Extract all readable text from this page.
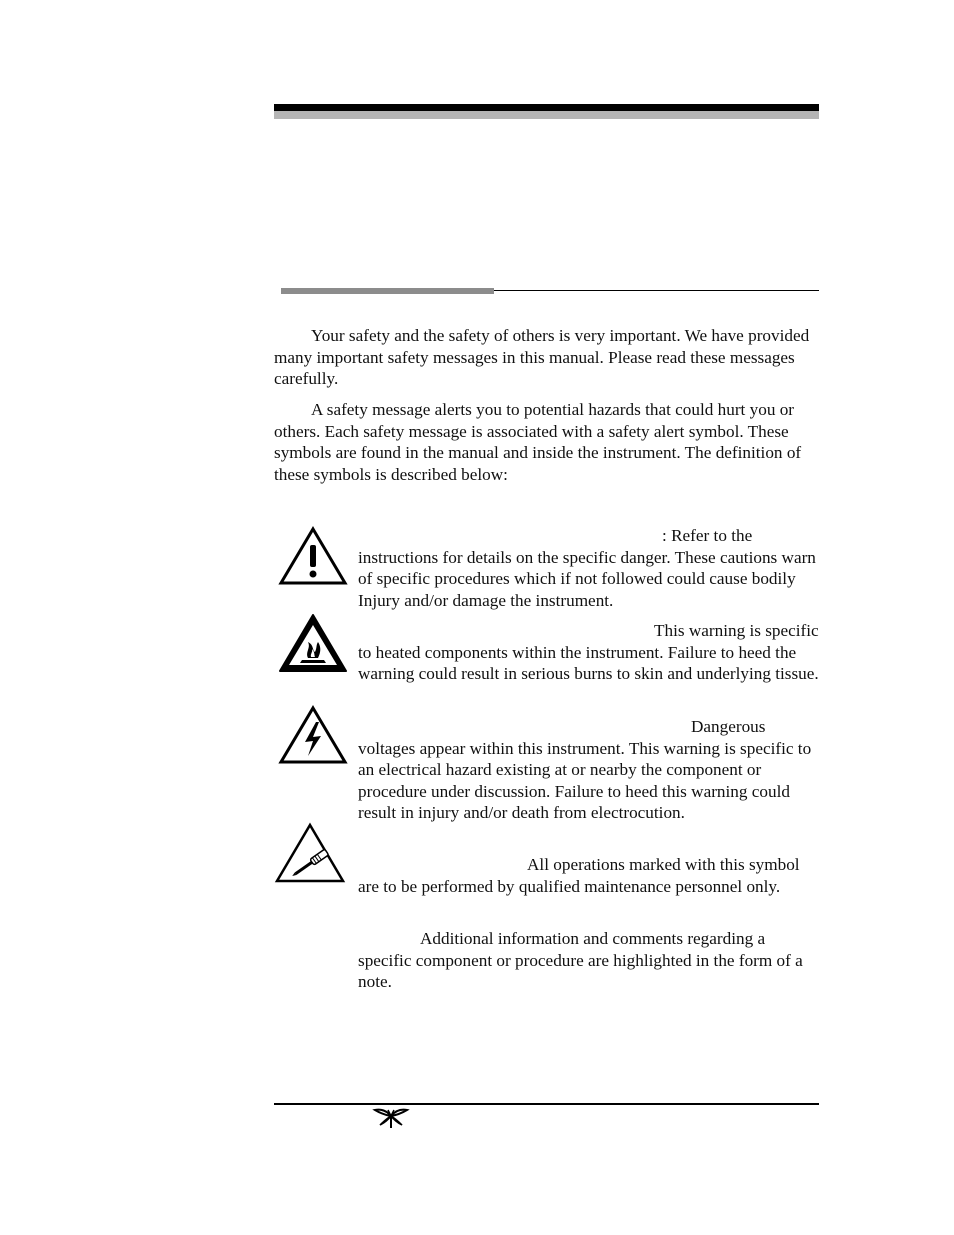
Your safety and the safety of others is very important. We have provided many important safety messages in this manual. Please read these messages carefully.

A safety message alerts you to potential hazards that could hurt you or others. Each safety message is associated with a safety alert symbol. These symbols are found in the manual and inside the instrument. The definition of these symbols is described below:

: Refer to the instructions for details on the specific danger. These cautions warn of specific procedures which if not followed could cause bodily Injury and/or damage the instrument.

This warning is specific to heated components within the instrument. Failure to heed the warning could result in serious burns to skin and underlying tissue.

Dangerous voltages appear within this instrument. This warning is specific to an electrical hazard existing at or nearby the component or procedure under discussion. Failure to heed this warning could result in injury and/or death from electrocution.

All operations marked with this symbol are to be performed by qualified maintenance personnel only.

Additional information and comments regarding a specific component or procedure are highlighted in the form of a note.
